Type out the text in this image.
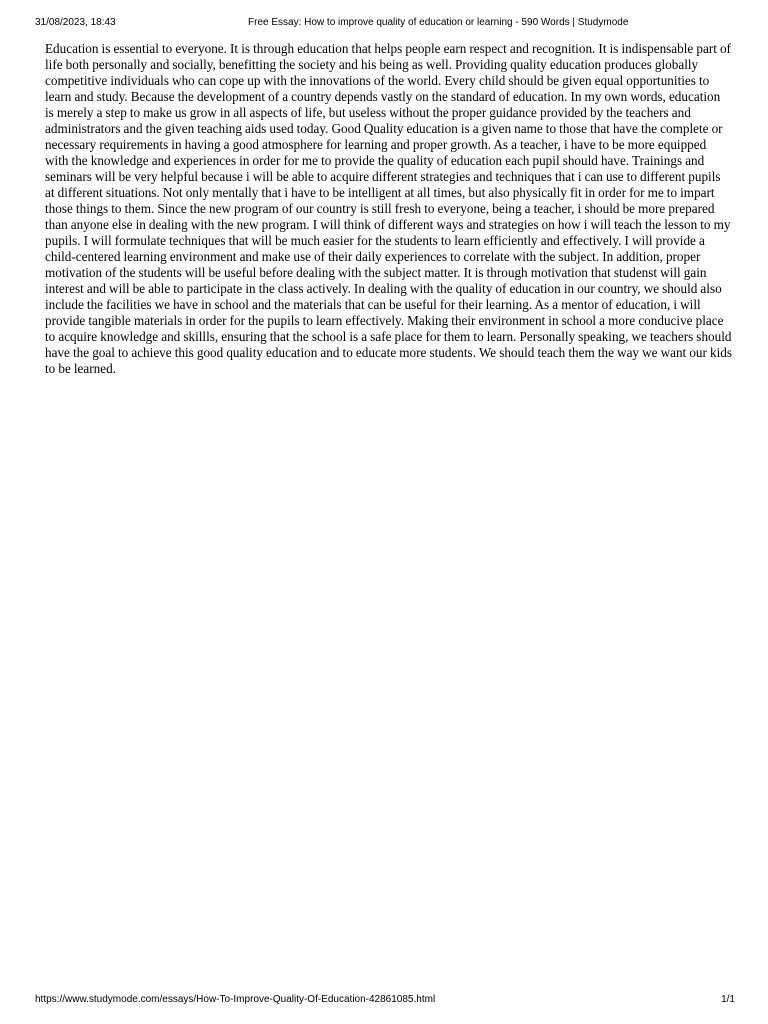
31/08/2023, 18:43	Free Essay: How to improve quality of education or learning - 590 Words | Studymode

Education is essential to everyone. It is through education that helps people earn respect and recognition. It is indispensable part of life both personally and socially, benefitting the society and his being as well. Providing quality education produces globally competitive individuals who can cope up with the innovations of the world. Every child should be given equal opportunities to learn and study. Because the development of a country depends vastly on the standard of education. In my own words, education is merely a step to make us grow in all aspects of life, but useless without the proper guidance provided by the teachers and administrators and the given teaching aids used today. Good Quality education is a given name to those that have the complete or necessary requirements in having a good atmosphere for learning and proper growth. As a teacher, i have to be more equipped with the knowledge and experiences in order for me to provide the quality of education each pupil should have. Trainings and seminars will be very helpful because i will be able to acquire different strategies and techniques that i can use to different pupils at different situations. Not only mentally that i have to be intelligent at all times, but also physically fit in order for me to impart those things to them. Since the new program of our country is still fresh to everyone, being a teacher, i should be more prepared than anyone else in dealing with the new program. I will think of different ways and strategies on how i will teach the lesson to my pupils. I will formulate techniques that will be much easier for the students to learn efficiently and effectively. I will provide a child-centered learning environment and make use of their daily experiences to correlate with the subject. In addition, proper motivation of the students will be useful before dealing with the subject matter. It is through motivation that studenst will gain interest and will be able to participate in the class actively. In dealing with the quality of education in our country, we should also include the facilities we have in school and the materials that can be useful for their learning. As a mentor of education, i will provide tangible materials in order for the pupils to learn effectively. Making their environment in school a more conducive place to acquire knowledge and skillls, ensuring that the school is a safe place for them to learn. Personally speaking, we teachers should have the goal to achieve this good quality education and to educate more students. We should teach them the way we want our kids to be learned.

https://www.studymode.com/essays/How-To-Improve-Quality-Of-Education-42861085.html	1/1
